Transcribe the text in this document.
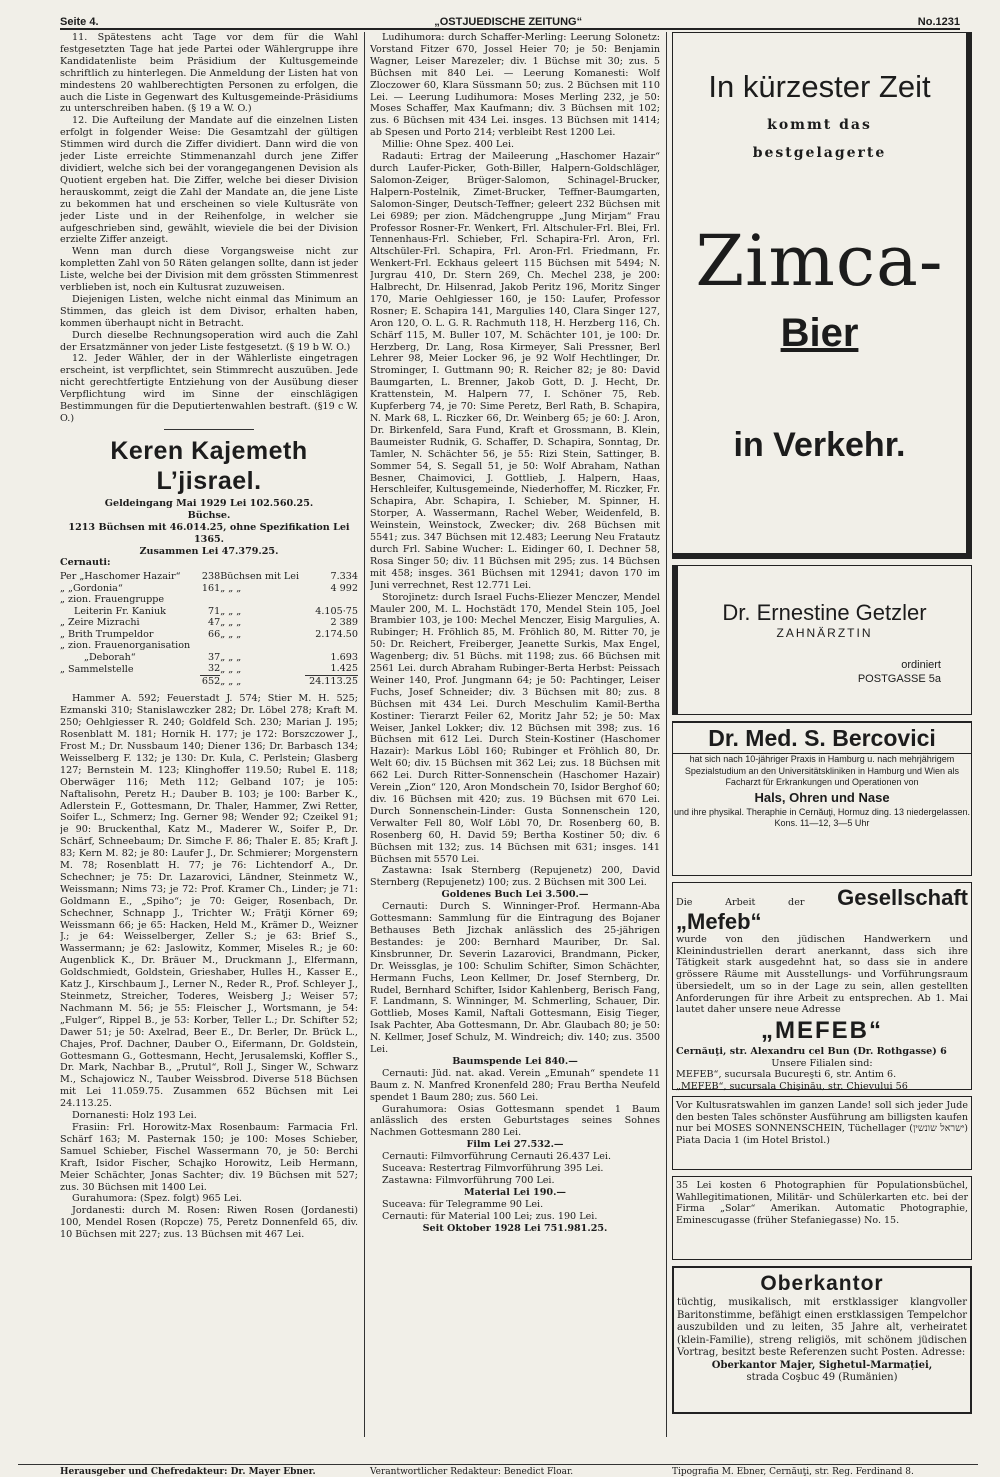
Seite 4.	„OSTJUEDISCHE ZEITUNG“	No.1231

11. Spätestens acht Tage vor dem für die Wahl festgesetzten Tage hat jede Partei oder Wählergruppe ihre Kandidatenliste beim Präsidium der Kultusgemeinde schriftlich zu hinterlegen. Die Anmeldung der Listen hat von mindestens 20 wahlberechtigten Personen zu erfolgen, die auch die Liste in Gegenwart des Kultusgemeinde-Präsidiums zu unterschreiben haben. (§ 19 a W. O.)

12. Die Aufteilung der Mandate auf die einzelnen Listen erfolgt in folgender Weise: Die Gesamtzahl der gültigen Stimmen wird durch die Ziffer dividiert. Dann wird die von jeder Liste erreichte Stimmenanzahl durch jene Ziffer dividiert, welche sich bei der vorangegangenen Devision als Quotient ergeben hat. Die Ziffer, welche bei dieser Division herauskommt, zeigt die Zahl der Mandate an, die jene Liste zu bekommen hat und erscheinen so viele Kultusräte von jeder Liste und in der Reihenfolge, in welcher sie aufgeschrieben sind, gewählt, wieviele die bei der Division erzielte Ziffer anzeigt.

Wenn man durch diese Vorgangsweise nicht zur kompletten Zahl von 50 Räten gelangen sollte, dann ist jeder Liste, welche bei der Division mit dem grössten Stimmenrest verblieben ist, noch ein Kultusrat zuzuweisen.

Diejenigen Listen, welche nicht einmal das Minimum an Stimmen, das gleich ist dem Divisor, erhalten haben, kommen überhaupt nicht in Betracht.

Durch dieselbe Rechnungsoperation wird auch die Zahl der Ersatzmänner von jeder Liste festgesetzt. (§ 19 b W. O.)

12. Jeder Wähler, der in der Wählerliste eingetragen erscheint, ist verpflichtet, sein Stimmrecht auszuüben. Jede nicht gerechtfertigte Entziehung von der Ausübung dieser Verpflichtung wird im Sinne der einschlägigen Bestimmungen für die Deputiertenwahlen bestraft. (§19 c W. O.)

Keren Kajemeth L’jisrael.

Geldeingang Mai 1929 Lei 102.560.25.

Büchse.

1213 Büchsen mit 46.014.25, ohne Spezifikation Lei 1365.

Zusammen Lei 47.379.25.

Cernauti:

Per „Haschomer Hazair“	238	Büchsen mit Lei	7.334
„ „Gordonia“	161	„ „ „	4 992
„ zion. Frauengruppe			
Leiterin Fr. Kaniuk	71	„ „ „	4.105·75
„ Zeire Mizrachi	47	„ „ „	2 389
„ Brith Trumpeldor	66	„ „ „	2.174.50
„ zion. Frauenorganisation			
„Deborah“	37	„ „ „	1.693
„ Sammelstelle	32	„ „ „	1.425
	652	„ „ „	24.113.25

Hammer A. 592; Feuerstadt J. 574; Stier M. H. 525; Ezmanski 310; Stanislawczker 282; Dr. Löbel 278; Kraft M. 250; Oehlgiesser R. 240; Goldfeld Sch. 230; Marian J. 195; Rosenblatt M. 181; Hornik H. 177; je 172: Borszczower J., Frost M.; Dr. Nussbaum 140; Diener 136; Dr. Barbasch 134; Weisselberg F. 132; je 130: Dr. Kula, C. Perlstein; Glasberg 127; Bernstein M. 123; Klinghoffer 119.50; Rubel E. 118; Oberwäger 116; Meth 112; Gelband 107; je 105: Naftalisohn, Peretz H.; Dauber B. 103; je 100: Barber K., Adlerstein F., Gottesmann, Dr. Thaler, Hammer, Zwi Retter, Soifer L., Schmerz; Ing. Gerner 98; Wender 92; Czeikel 91; je 90: Bruckenthal, Katz M., Maderer W., Soifer P., Dr. Schärf, Schneebaum; Dr. Simche F. 86; Thaler E. 85; Kraft J. 83; Kern M. 82; je 80: Laufer J., Dr. Schmierer; Morgenstern M. 78; Rosenblatt H. 77; je 76: Lichtendorf A., Dr. Schechner; je 75: Dr. Lazarovici, Ländner, Steinmetz W., Weissmann; Nims 73; je 72: Prof. Kramer Ch., Linder; je 71: Goldmann E., „Spiho“; je 70: Geiger, Rosenbach, Dr. Schechner, Schnapp J., Trichter W.; Frätji Körner 69; Weissmann 66; je 65: Hacken, Held M., Krämer D., Weizner J.; je 64: Weisselberger, Zeller S.; je 63: Brief S., Wassermann; je 62: Jaslowitz, Kommer, Miseles R.; je 60: Augenblick K., Dr. Bräuer M., Druckmann J., Elfermann, Goldschmiedt, Goldstein, Grieshaber, Hulles H., Kasser E., Katz J., Kirschbaum J., Lerner N., Reder R., Prof. Schleyer J., Steinmetz, Streicher, Toderes, Weisberg J.; Weiser 57; Nachmann M. 56; je 55: Fleischer J., Wortsmann, je 54: „Fulger“, Rippel B., je 53: Korber, Teller L.; Dr. Schifter 52; Dawer 51; je 50: Axelrad, Beer E., Dr. Berler, Dr. Brück L., Chajes, Prof. Dachner, Dauber O., Eifermann, Dr. Goldstein, Gottesmann G., Gottesmann, Hecht, Jerusalemski, Koffler S., Dr. Mark, Nachbar B., „Prutul“, Roll J., Singer W., Schwarz M., Schajowicz N., Tauber Weissbrod. Diverse 518 Büchsen mit Lei 11.059.75. Zusammen 652 Büchsen mit Lei 24.113.25.

Dornanesti: Holz 193 Lei.

Frasiin: Frl. Horowitz-Max Rosenbaum: Farmacia Frl. Schärf 163; M. Pasternak 150; je 100: Moses Schieber, Samuel Schieber, Fischel Wassermann 70, je 50: Berchi Kraft, Isidor Fischer, Schajko Horowitz, Leib Hermann, Meier Schächter, Jonas Sachter; div. 19 Büchsen mit 527; zus. 30 Büchsen mit 1400 Lei.

Gurahumora: (Spez. folgt) 965 Lei.

Jordanesti: durch M. Rosen: Riwen Rosen (Jordanesti) 100, Mendel Rosen (Ropcze) 75, Peretz Donnenfeld 65, div. 10 Büchsen mit 227; zus. 13 Büchsen mit 467 Lei.

Ludihumora: durch Schaffer-Merling: Leerung Solonetz: Vorstand Fitzer 670, Jossel Heier 70; je 50: Benjamin Wagner, Leiser Marezeler; div. 1 Büchse mit 30; zus. 5 Büchsen mit 840 Lei. — Leerung Komanesti: Wolf Zloczower 60, Klara Süssmann 50; zus. 2 Büchsen mit 110 Lei. — Leerung Ludihumora: Moses Merling 232, je 50: Moses Schaffer, Max Kaufmann; div. 3 Büchsen mit 102; zus. 6 Büchsen mit 434 Lei. insges. 13 Büchsen mit 1414; ab Spesen und Porto 214; verbleibt Rest 1200 Lei.

Millie: Ohne Spez. 400 Lei.

Radauti: Ertrag der Maileerung „Haschomer Hazair“ durch Laufer-Picker, Goth-Biller, Halpern-Goldschläger, Salomon-Zeiger, Brüger-Salomon, Schinagel-Brucker, Halpern-Postelnik, Zimet-Brucker, Teffner-Baumgarten, Salomon-Singer, Deutsch-Teffner; geleert 232 Büchsen mit Lei 6989; per zion. Mädchengruppe „Jung Mirjam“ Frau Professor Rosner-Fr. Wenkert, Frl. Altschuler-Frl. Blei, Frl. Tennenhaus-Frl. Schieber, Frl. Schapira-Frl. Aron, Frl. Altschüler-Frl. Schapira, Frl. Aron-Frl. Friedmann, Fr. Wenkert-Frl. Eckhaus geleert 115 Büchsen mit 5494; N. Jurgrau 410, Dr. Stern 269, Ch. Mechel 238, je 200: Halbrecht, Dr. Hilsenrad, Jakob Peritz 196, Moritz Singer 170, Marie Oehlgiesser 160, je 150: Laufer, Professor Rosner; E. Schapira 141, Margulies 140, Clara Singer 127, Aron 120, O. L. G. R. Rachmuth 118, H. Herzberg 116, Ch. Schärf 115, M. Buller 107, M. Schächter 101, je 100: Dr. Herzberg, Dr. Lang, Rosa Kirmeyer, Sali Pressner, Berl Lehrer 98, Meier Locker 96, je 92 Wolf Hechtlinger, Dr. Strominger, I. Guttmann 90; R. Reicher 82; je 80: David Baumgarten, L. Brenner, Jakob Gott, D. J. Hecht, Dr. Krattenstein, M. Halpern 77, I. Schöner 75, Reb. Kupferberg 74, je 70: Sime Peretz, Berl Rath, B. Schapira, N. Mark 68, L. Riczker 66, Dr. Weinberg 65; je 60: J. Aron, Dr. Birkenfeld, Sara Fund, Kraft et Grossmann, B. Klein, Baumeister Rudnik, G. Schaffer, D. Schapira, Sonntag, Dr. Tamler, N. Schächter 56, je 55: Rizi Stein, Sattinger, B. Sommer 54, S. Segall 51, je 50: Wolf Abraham, Nathan Besner, Chaimovici, J. Gottlieb, J. Halpern, Haas, Herschleifer, Kultusgemeinde, Niederhoffer, M. Riczker, Fr. Schapira, Abr. Schapira, I. Schieber, M. Spinner, H. Storper, A. Wassermann, Rachel Weber, Weidenfeld, B. Weinstein, Weinstock, Zwecker; div. 268 Büchsen mit 5541; zus. 347 Büchsen mit 12.483; Leerung Neu Fratautz durch Frl. Sabine Wucher: L. Eidinger 60, I. Dechner 58, Rosa Singer 50; div. 11 Büchsen mit 295; zus. 14 Büchsen mit 458; insges. 361 Büchsen mit 12941; davon 170 im Juni verrechnet, Rest 12.771 Lei.

Storojinetz: durch Israel Fuchs-Eliezer Menczer, Mendel Mauler 200, M. L. Hochstädt 170, Mendel Stein 105, Joel Brambier 103, je 100: Mechel Menczer, Eisig Margulies, A. Rubinger; H. Fröhlich 85, M. Fröhlich 80, M. Ritter 70, je 50: Dr. Reichert, Freiberger, Jeanette Surkis, Max Engel, Wagenberg; div. 51 Büchs. mit 1198; zus. 66 Büchsen mit 2561 Lei. durch Abraham Rubinger-Berta Herbst: Peissach Weiner 140, Prof. Jungmann 64; je 50: Pachtinger, Leiser Fuchs, Josef Schneider; div. 3 Büchsen mit 80; zus. 8 Büchsen mit 434 Lei. Durch Meschulim Kamil-Bertha Kostiner: Tierarzt Feiler 62, Moritz Jahr 52; je 50: Max Weiser, Jankel Lokker; div. 12 Büchsen mit 398; zus. 16 Büchsen mit 612 Lei. Durch Stein-Kostiner (Haschomer Hazair): Markus Löbl 160; Rubinger et Fröhlich 80, Dr. Welt 60; div. 15 Büchsen mit 362 Lei; zus. 18 Büchsen mit 662 Lei. Durch Ritter-Sonnenschein (Haschomer Hazair) Verein „Zion“ 120, Aron Mondschein 70, Isidor Berghof 60; div. 16 Büchsen mit 420; zus. 19 Büchsen mit 670 Lei. Durch Sonnenschein-Linder: Gusta Sonnenschein 120, Verwalter Fell 80, Wolf Löbl 70, Dr. Rosenberg 60, B. Rosenberg 60, H. David 59; Bertha Kostiner 50; div. 6 Büchsen mit 132; zus. 14 Büchsen mit 631; insges. 141 Büchsen mit 5570 Lei.

Zastawna: Isak Sternberg (Repujenetz) 200, David Sternberg (Repujenetz) 100; zus. 2 Büchsen mit 300 Lei.

Goldenes Buch Lei 3.500.—

Cernauti: Durch S. Winninger-Prof. Hermann-Aba Gottesmann: Sammlung für die Eintragung des Bojaner Bethauses Beth Jizchak anlässlich des 25-jährigen Bestandes: je 200: Bernhard Mauriber, Dr. Sal. Kinsbrunner, Dr. Severin Lazarovici, Brandmann, Picker, Dr. Weissglas, je 100: Schulim Schifter, Simon Schächter, Hermann Fuchs, Leon Kellmer, Dr. Josef Sternberg, Dr. Rudel, Bernhard Schifter, Isidor Kahlenberg, Berisch Fang, F. Landmann, S. Winninger, M. Schmerling, Schauer, Dir. Gottlieb, Moses Kamil, Naftali Gottesmann, Eisig Tieger, Isak Pachter, Aba Gottesmann, Dr. Abr. Glaubach 80; je 50: N. Kellmer, Josef Schulz, M. Windreich; div. 140; zus. 3500 Lei.

Baumspende Lei 840.—

Cernauti: Jüd. nat. akad. Verein „Emunah“ spendete 11 Baum z. N. Manfred Kronenfeld 280; Frau Bertha Neufeld spendet 1 Baum 280; zus. 560 Lei.

Gurahumora: Osias Gottesmann spendet 1 Baum anlässlich des ersten Geburtstages seines Sohnes Nachmen Gottesmann 280 Lei.

Film Lei 27.532.—

Cernauti: Filmvorführung Cernauti 26.437 Lei.

Suceava: Restertrag Filmvorführung 395 Lei.

Zastawna: Filmvorführung 700 Lei.

Material Lei 190.—

Suceava: für Telegramme 90 Lei.

Cernauti: für Material 100 Lei; zus. 190 Lei.

Seit Oktober 1928 Lei 751.981.25.

In kürzester Zeit
kommt das
bestgelagerte
Zimca-
Bier
in Verkehr.
Dr. Ernestine Getzler
ZAHNÄRZTIN
ordiniert
POSTGASSE 5a
Dr. Med. S. Bercovici
hat sich nach 10-jähriger Praxis in Hamburg u. nach mehrjährigem Spezialstudium an den Universitätskliniken in Hamburg und Wien als Facharzt für Erkrankungen und Operationen von
Hals, Ohren und Nase
und ihre physikal. Theraphie in Cernăuţi, Hormuz ding. 13 niedergelassen. Kons. 11—12, 3—5 Uhr
Die Arbeit der Gesellschaft „Mefeb“
wurde von den jüdischen Handwerkern und Kleinindustriellen derart anerkannt, dass sich ihre Tätigkeit stark ausgedehnt hat, so dass sie in andere grössere Räume mit Ausstellungs- und Vorführungsraum übersiedelt, um so in der Lage zu sein, allen gestellten Anforderungen für ihre Arbeit zu entsprechen. Ab 1. Mai lautet daher unsere neue Adresse
„MEFEB“
Cernăuţi, str. Alexandru cel Bun (Dr. Rothgasse) 6
Unsere Filialen sind:
MEFEB“, sucursala Bucureşti 6, str. Antim 6.
„MEFEB“, sucursala Chişinău, str. Chievului 56
Vor Kultusratswahlen im ganzen Lande! soll sich jeder Jude den besten Tales schönster Ausführung am billigsten kaufen nur bei MOSES SONNENSCHEIN, Tüchellager (ישראל שונשין) Piata Dacia 1 (im Hotel Bristol.)
35 Lei kosten 6 Photographien für Populationsbüchel, Wahllegitimationen, Militär- und Schülerkarten etc. bei der Firma „Solar“ Amerikan. Automatic Photographie, Eminescugasse (früher Stefaniegasse) No. 15.
Oberkantor
tüchtig, musikalisch, mit erstklassiger klangvoller Baritonstimme, befähigt einen erstklassigen Tempelchor auszubilden und zu leiten, 35 Jahre alt, verheiratet (klein-Familie), streng religiös, mit schönem jüdischen Vortrag, besitzt beste Referenzen sucht Posten. Adresse:
Oberkantor Majer, Sighetul-Marmației,
strada Coşbuc 49 (Rumänien)
Herausgeber und Chefredakteur: Dr. Mayer Ebner.	Verantwortlicher Redakteur: Benedict Floar.	Tipografia M. Ebner, Cernăuţi, str. Reg. Ferdinand 8.
